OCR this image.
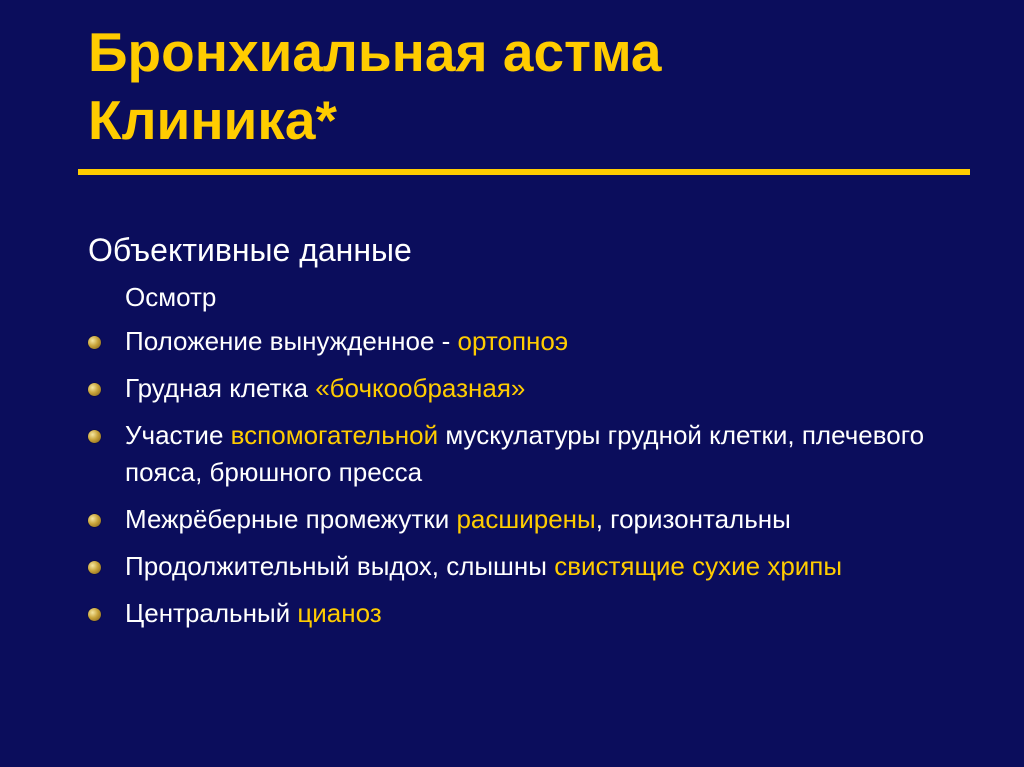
Бронхиальная астма
Клиника*
Объективные данные
Осмотр
Положение вынужденное - ортопноэ
Грудная клетка «бочкообразная»
Участие вспомогательной мускулатуры грудной клетки, плечевого пояса, брюшного пресса
Межрёберные промежутки расширены, горизонтальны
Продолжительный выдох, слышны свистящие сухие хрипы
Центральный цианоз
